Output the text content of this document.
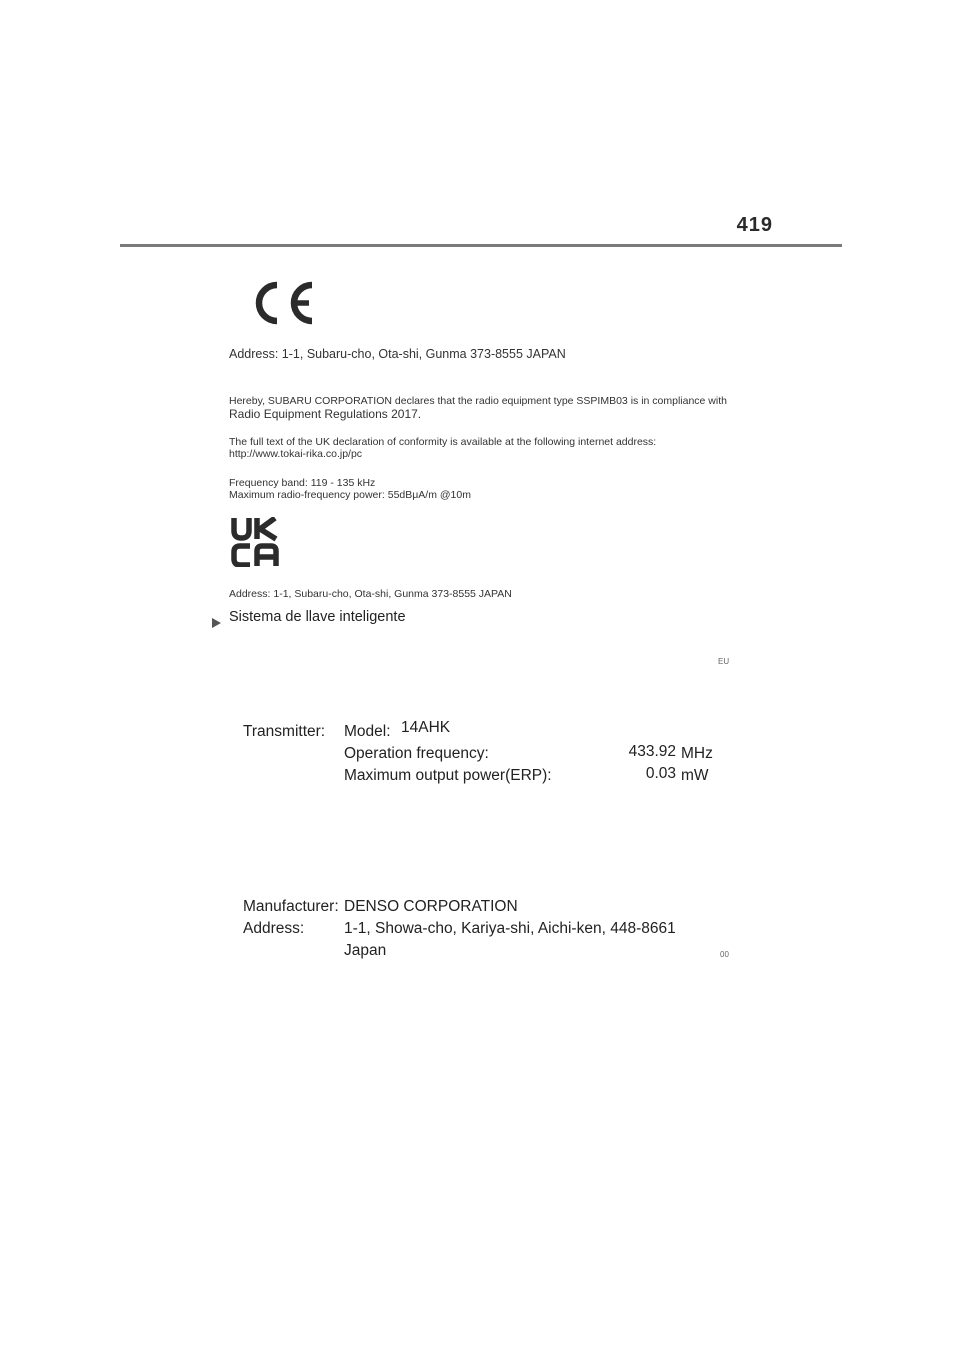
419
Address: 1-1, Subaru-cho, Ota-shi, Gunma 373-8555 JAPAN
Hereby, SUBARU CORPORATION declares that the radio equipment type SSPIMB03 is in compliance with
Radio Equipment Regulations 2017.
The full text of the UK declaration of conformity is available at the following internet address:
http://www.tokai-rika.co.jp/pc
Frequency band: 119 - 135 kHz
Maximum radio-frequency power: 55dBμA/m @10m
Address: 1-1, Subaru-cho, Ota-shi, Gunma 373-8555 JAPAN
Sistema de llave inteligente
EU
Transmitter: Model: 14AHK
Operation frequency:	433.92 MHz
Maximum output power(ERP):	0.03 mW
Manufacturer: DENSO CORPORATION
Address:	1-1, Showa-cho, Kariya-shi, Aichi-ken, 448-8661
Japan	00
